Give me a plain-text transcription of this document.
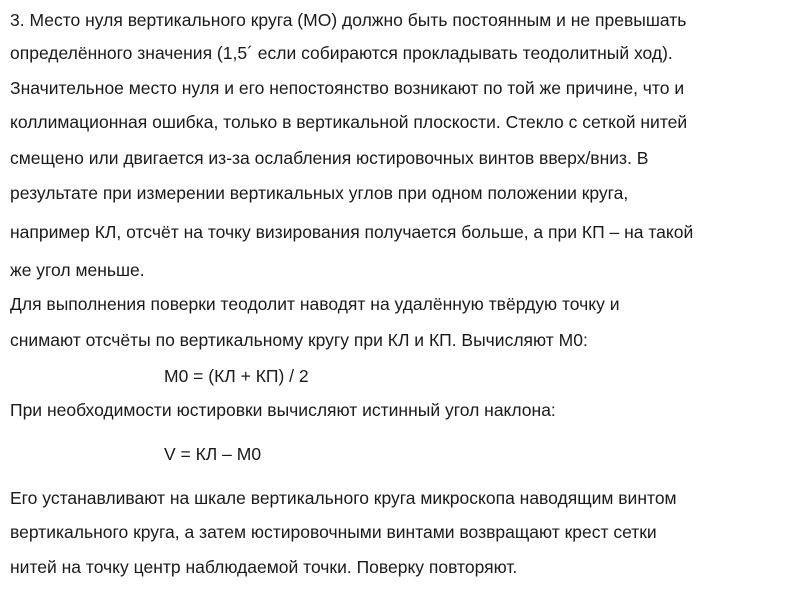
3. Место нуля вертикального круга (МО) должно быть постоянным и не превышать
определённого значения (1,5´ если собираются прокладывать теодолитный ход).
Значительное место нуля и его непостоянство возникают по той же причине, что и
коллимационная ошибка, только в вертикальной плоскости. Стекло с сеткой нитей
смещено или двигается из-за ослабления юстировочных винтов вверх/вниз. В
результате при измерении вертикальных углов при одном положении круга,
например КЛ, отсчёт на точку визирования получается больше, а при КП – на такой
же угол меньше.
Для выполнения поверки теодолит наводят на удалённую твёрдую точку и
снимают отсчёты по вертикальному кругу при КЛ и КП. Вычисляют М0:
М0 = (КЛ + КП) / 2
При необходимости юстировки вычисляют истинный угол наклона:
V = КЛ – М0
Его устанавливают на шкале вертикального круга микроскопа наводящим винтом
вертикального круга, а затем юстировочными винтами возвращают крест сетки
нитей на точку центр наблюдаемой точки. Поверку повторяют.
